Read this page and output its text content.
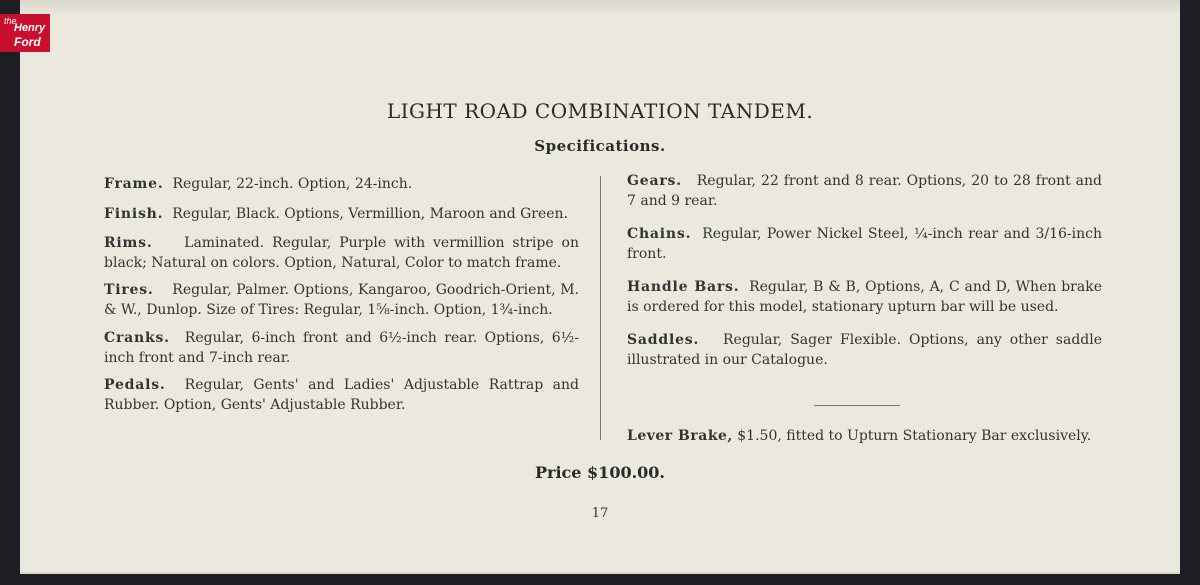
the
Henry
Ford
LIGHT ROAD COMBINATION TANDEM.
Specifications.
Frame. Regular, 22-inch. Option, 24-inch.
Finish. Regular, Black. Options, Vermillion, Maroon and Green.
Rims. Laminated. Regular, Purple with vermillion stripe on black; Natural on colors. Option, Natural, Color to match frame.
Tires. Regular, Palmer. Options, Kangaroo, Goodrich-Orient, M. & W., Dunlop. Size of Tires: Regular, 1⅝-inch. Option, 1¾-inch.
Cranks. Regular, 6-inch front and 6½-inch rear. Options, 6½-inch front and 7-inch rear.
Pedals. Regular, Gents' and Ladies' Adjustable Rattrap and Rubber. Option, Gents' Adjustable Rubber.
Gears. Regular, 22 front and 8 rear. Options, 20 to 28 front and 7 and 9 rear.
Chains. Regular, Power Nickel Steel, ¼-inch rear and 3/16-inch front.
Handle Bars. Regular, B & B, Options, A, C and D, When brake is ordered for this model, stationary upturn bar will be used.
Saddles. Regular, Sager Flexible. Options, any other saddle illustrated in our Catalogue.
Lever Brake, $1.50, fitted to Upturn Stationary Bar exclusively.
Price $100.00.
17
